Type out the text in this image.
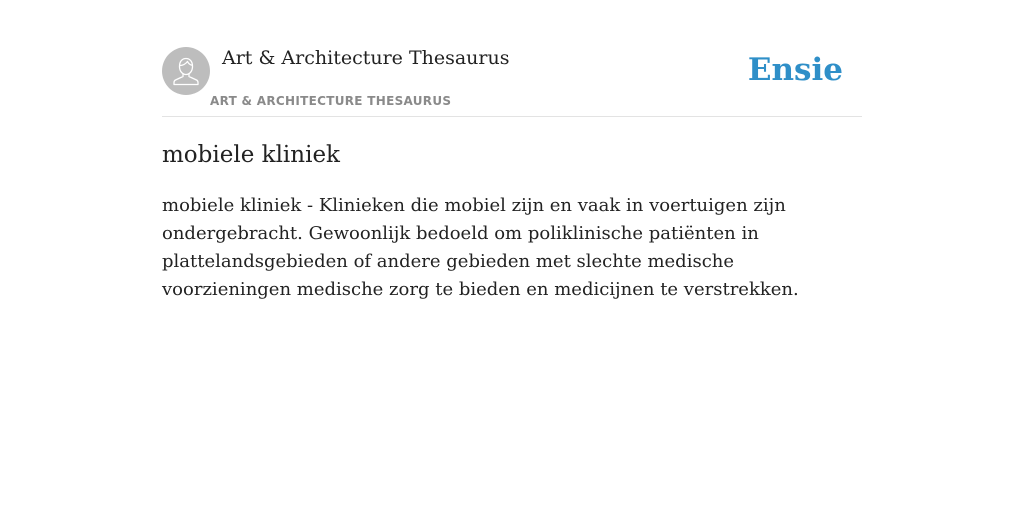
Art & Architecture Thesaurus
ART & ARCHITECTURE THESAURUS
Ensie
mobiele kliniek

mobiele kliniek - Klinieken die mobiel zijn en vaak in voertuigen zijn ondergebracht. Gewoonlijk bedoeld om poliklinische patiënten in plattelandsgebieden of andere gebieden met slechte medische voorzieningen medische zorg te bieden en medicijnen te verstrekken.
